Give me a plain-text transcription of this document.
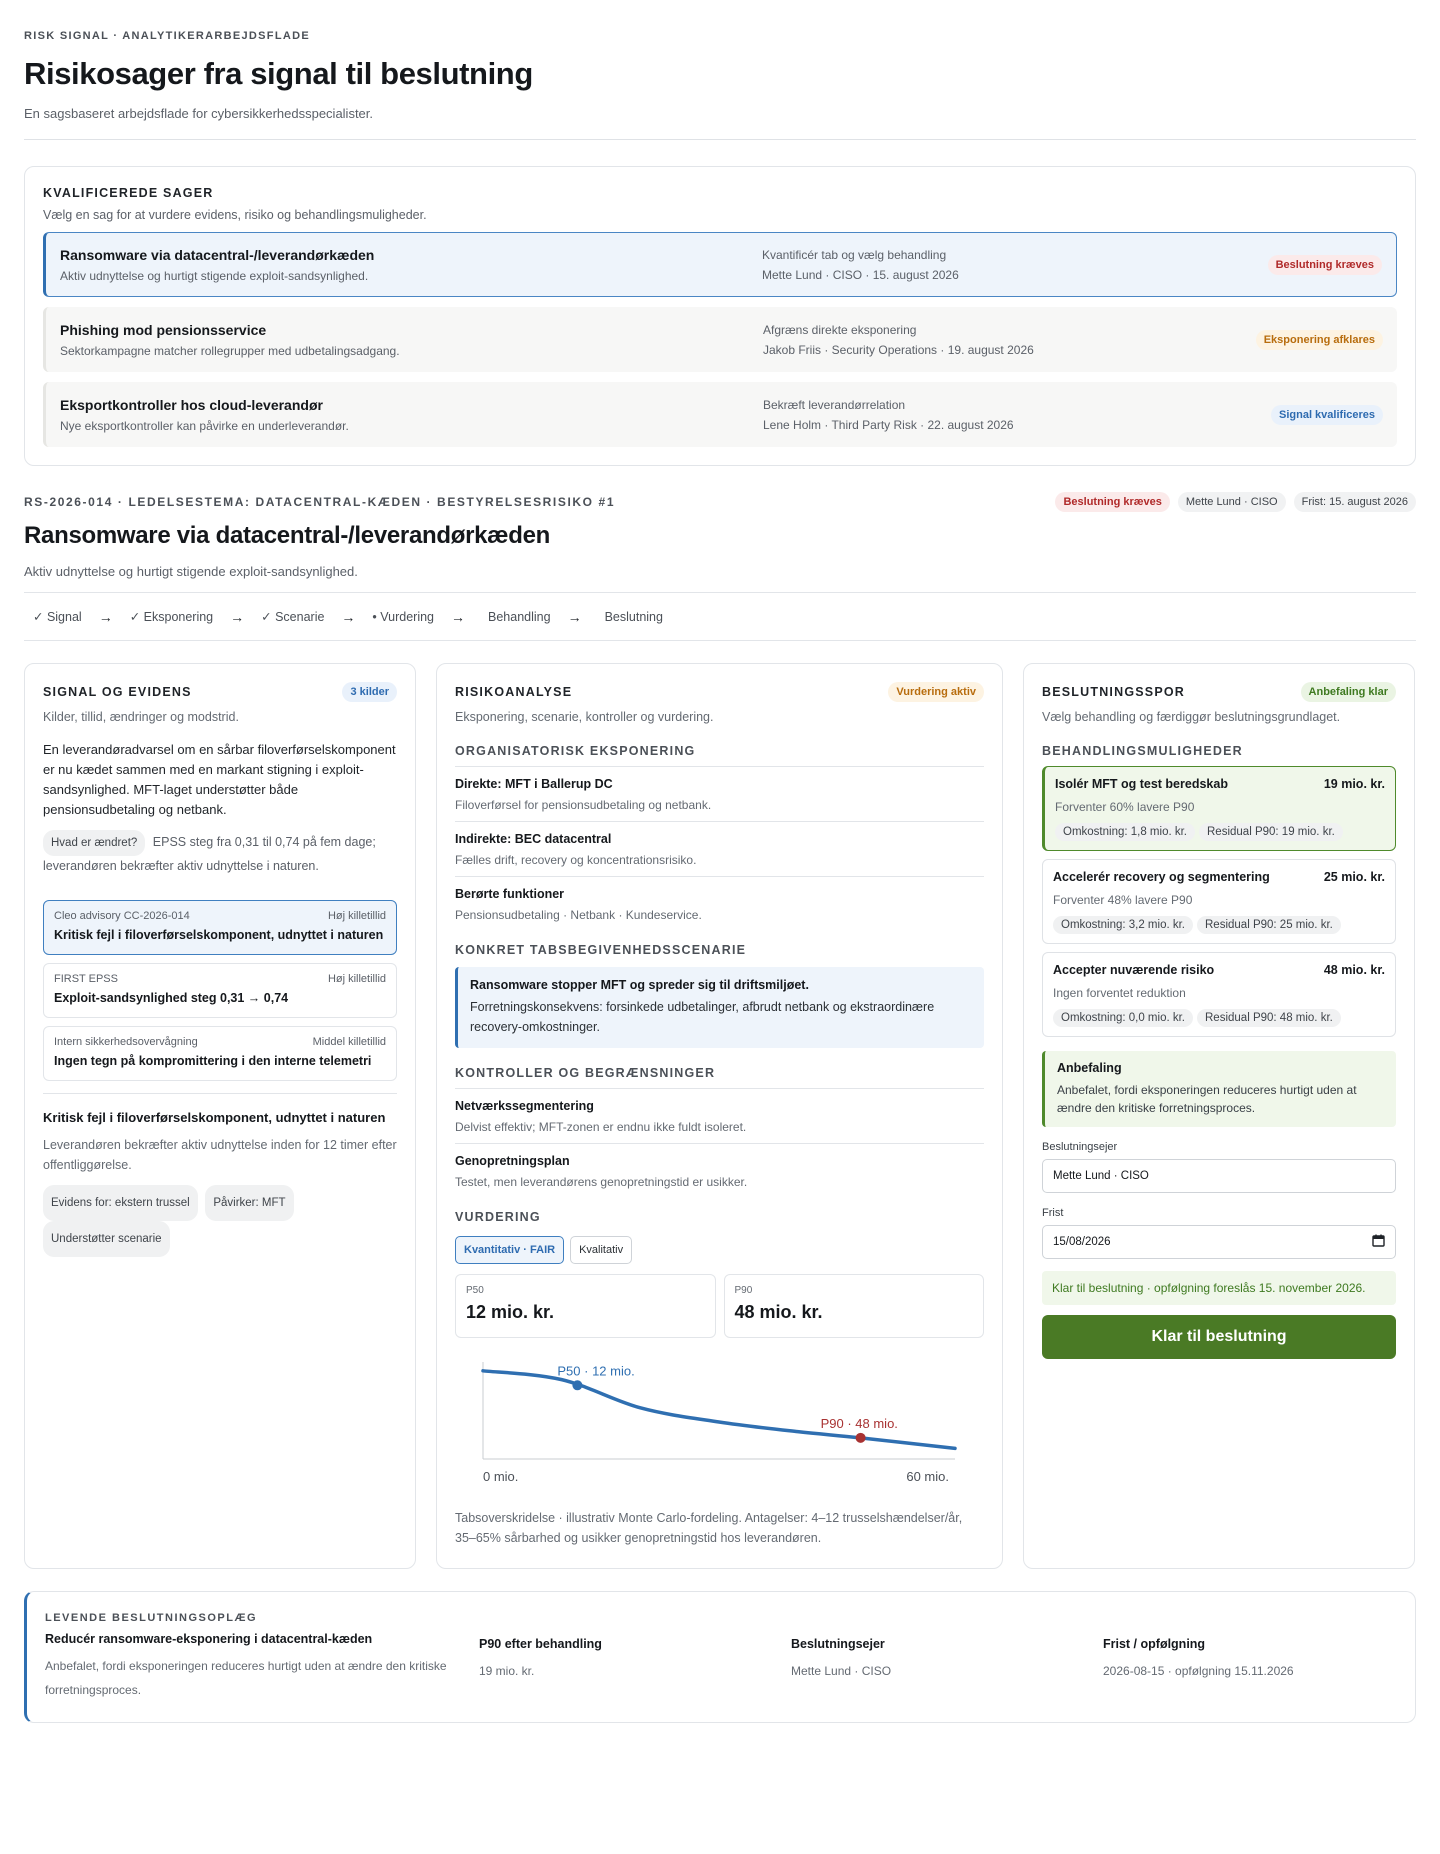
RISK SIGNAL · ANALYTIKERARBEJDSFLADE
Risikosager fra signal til beslutning
En sagsbaseret arbejdsflade for cybersikkerhedsspecialister.
KVALIFICEREDE SAGER
Vælg en sag for at vurdere evidens, risiko og behandlingsmuligheder.
Ransomware via datacentral-/leverandørkæden
Aktiv udnyttelse og hurtigt stigende exploit-sandsynlighed.
Kvantificér tab og vælg behandling
Mette Lund · CISO · 15. august 2026
Beslutning kræves
Phishing mod pensionsservice
Sektorkampagne matcher rollegrupper med udbetalingsadgang.
Afgræns direkte eksponering
Jakob Friis · Security Operations · 19. august 2026
Eksponering afklares
Eksportkontroller hos cloud-leverandør
Nye eksportkontroller kan påvirke en underleverandør.
Bekræft leverandørrelation
Lene Holm · Third Party Risk · 22. august 2026
Signal kvalificeres
RS-2026-014 · LEDELSESTEMA: DATACENTRAL-KÆDEN · BESTYRELSESRISIKO #1	Beslutning kræves	Mette Lund · CISO	Frist: 15. august 2026
Ransomware via datacentral-/leverandørkæden
Aktiv udnyttelse og hurtigt stigende exploit-sandsynlighed.
✓ Signal → ✓ Eksponering → ✓ Scenarie → • Vurdering → Behandling → Beslutning
SIGNAL OG EVIDENS	3 kilder
Kilder, tillid, ændringer og modstrid.
En leverandøradvarsel om en sårbar filoverførselskomponent er nu kædet sammen med en markant stigning i exploit-sandsynlighed. MFT-laget understøtter både pensionsudbetaling og netbank.
Hvad er ændret? EPSS steg fra 0,31 til 0,74 på fem dage; leverandøren bekræfter aktiv udnyttelse i naturen.
Cleo advisory CC-2026-014	Høj killetillid
Kritisk fejl i filoverførselskomponent, udnyttet i naturen
FIRST EPSS	Høj killetillid
Exploit-sandsynlighed steg 0,31 → 0,74
Intern sikkerhedsovervågning	Middel killetillid
Ingen tegn på kompromittering i den interne telemetri
Kritisk fejl i filoverførselskomponent, udnyttet i naturen
Leverandøren bekræfter aktiv udnyttelse inden for 12 timer efter offentliggørelse.
Evidens for: ekstern trussel Påvirker: MFT
Understøtter scenarie
RISIKOANALYSE	Vurdering aktiv
Eksponering, scenarie, kontroller og vurdering.
ORGANISATORISK EKSPONERING
Direkte: MFT i Ballerup DC
Filoverførsel for pensionsudbetaling og netbank.
Indirekte: BEC datacentral
Fælles drift, recovery og koncentrationsrisiko.
Berørte funktioner
Pensionsudbetaling · Netbank · Kundeservice.
KONKRET TABSBEGIVENHEDSSCENARIE
Ransomware stopper MFT og spreder sig til driftsmiljøet.
Forretningskonsekvens: forsinkede udbetalinger, afbrudt netbank og ekstraordinære recovery-omkostninger.
KONTROLLER OG BEGRÆNSNINGER
Netværkssegmentering
Delvist effektiv; MFT-zonen er endnu ikke fuldt isoleret.
Genopretningsplan
Testet, men leverandørens genopretningstid er usikker.
VURDERING
Kvantitativ · FAIR	Kvalitativ
P50
12 mio. kr.
P90
48 mio. kr.
P50 · 12 mio.
P90 · 48 mio.
0 mio.	60 mio.
Tabsoverskridelse · illustrativ Monte Carlo-fordeling. Antagelser: 4–12 trusselshændelser/år, 35–65% sårbarhed og usikker genopretningstid hos leverandøren.
BESLUTNINGSSPOR	Anbefaling klar
Vælg behandling og færdiggør beslutningsgrundlaget.
BEHANDLINGSMULIGHEDER
Isolér MFT og test beredskab	19 mio. kr.
Forventer 60% lavere P90
Omkostning: 1,8 mio. kr. Residual P90: 19 mio. kr.
Accelerér recovery og segmentering	25 mio. kr.
Forventer 48% lavere P90
Omkostning: 3,2 mio. kr. Residual P90: 25 mio. kr.
Accepter nuværende risiko	48 mio. kr.
Ingen forventet reduktion
Omkostning: 0,0 mio. kr. Residual P90: 48 mio. kr.
Anbefaling
Anbefalet, fordi eksponeringen reduceres hurtigt uden at ændre den kritiske forretningsproces.
Beslutningsejer
Mette Lund · CISO
Frist
15/08/2026
Klar til beslutning · opfølgning foreslås 15. november 2026.
Klar til beslutning
LEVENDE BESLUTNINGSOPLÆG
Reducér ransomware-eksponering i datacentral-kæden
Anbefalet, fordi eksponeringen reduceres hurtigt uden at ændre den kritiske forretningsproces.
P90 efter behandling
19 mio. kr.
Beslutningsejer
Mette Lund · CISO
Frist / opfølgning
2026-08-15 · opfølgning 15.11.2026
